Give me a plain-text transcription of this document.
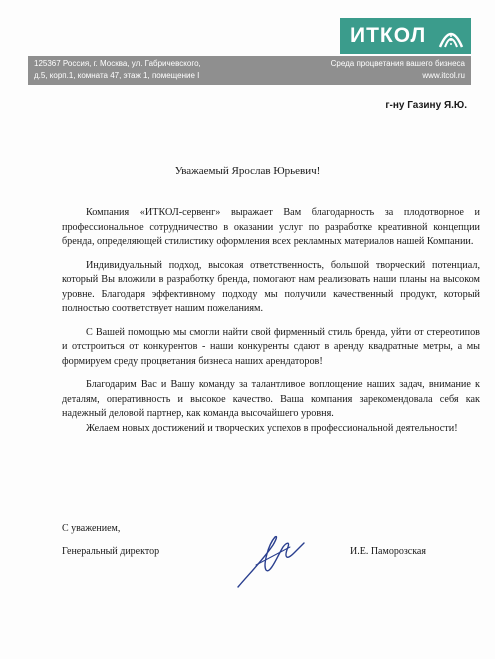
ИТКОЛ
125367 Россия, г. Москва, ул. Габричевского,
д.5, корп.1, комната 47, этаж 1, помещение I
Среда процветания вашего бизнеса
www.itcol.ru
г-ну Газину Я.Ю.
Уважаемый Ярослав Юрьевич!

Компания «ИТКОЛ-сервенг» выражает Вам благодарность за плодотворное и профессиональное сотрудничество в оказании услуг по разработке креативной концепции бренда, определяющей стилистику оформления всех рекламных материалов нашей Компании.

Индивидуальный подход, высокая ответственность, большой творческий потенциал, который Вы вложили в разработку бренда, помогают нам реализовать наши планы на высоком уровне. Благодаря эффективному подходу мы получили качественный продукт, который полностью соответствует нашим пожеланиям.

С Вашей помощью мы смогли найти свой фирменный стиль бренда, уйти от стереотипов и отстроиться от конкурентов - наши конкуренты сдают в аренду квадратные метры, а мы формируем среду процветания бизнеса наших арендаторов!

Благодарим Вас и Вашу команду за талантливое воплощение наших задач, внимание к деталям, оперативность и высокое качество. Ваша компания зарекомендовала себя как надежный деловой партнер, как команда высочайшего уровня.

Желаем новых достижений и творческих успехов в профессиональной деятельности!

С уважением,
Генеральный директор	И.Е. Паморозская
